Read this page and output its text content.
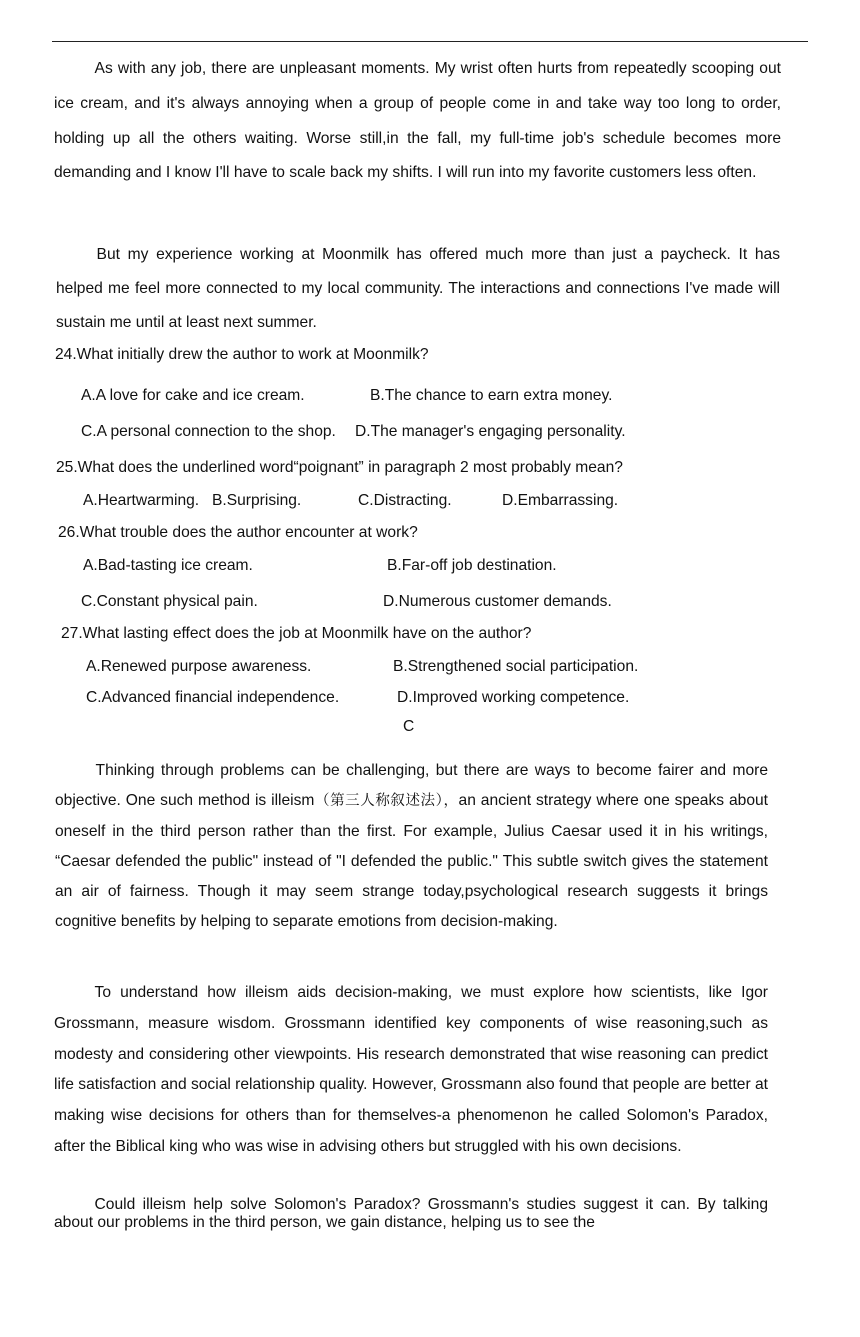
As with any job, there are unpleasant moments. My wrist often hurts from repeatedly scooping out ice cream, and it's always annoying when a group of people come in and take way too long to order, holding up all the others waiting. Worse still,in the fall, my full-time job's schedule becomes more demanding and I know I'll have to scale back my shifts. I will run into my favorite customers less often.

But my experience working at Moonmilk has offered much more than just a paycheck. It has helped me feel more connected to my local community. The interactions and connections I've made will sustain me until at least next summer.

24.What initially drew the author to work at Moonmilk?
A.A love for cake and ice cream.	B.The chance to earn extra money.
C.A personal connection to the shop. D.The manager's engaging personality.
25.What does the underlined word“poignant” in paragraph 2 most probably mean?
A.Heartwarming. B.Surprising.	C.Distracting.	D.Embarrassing.
26.What trouble does the author encounter at work?
A.Bad-tasting ice cream.	B.Far-off job destination.
C.Constant physical pain.	D.Numerous customer demands.
27.What lasting effect does the job at Moonmilk have on the author?
A.Renewed purpose awareness.	B.Strengthened social participation.
C.Advanced financial independence.	D.Improved working competence.
C

Thinking through problems can be challenging, but there are ways to become fairer and more objective. One such method is illeism（第三人称叙述法），an ancient strategy where one speaks about oneself in the third person rather than the first. For example, Julius Caesar used it in his writings, “Caesar defended the public" instead of "I defended the public." This subtle switch gives the statement an air of fairness. Though it may seem strange today,psychological research suggests it brings cognitive benefits by helping to separate emotions from decision-making.

To understand how illeism aids decision-making, we must explore how scientists, like Igor Grossmann, measure wisdom. Grossmann identified key components of wise reasoning,such as modesty and considering other viewpoints. His research demonstrated that wise reasoning can predict life satisfaction and social relationship quality. However, Grossmann also found that people are better at making wise decisions for others than for themselves-a phenomenon he called Solomon's Paradox, after the Biblical king who was wise in advising others but struggled with his own decisions.

Could illeism help solve Solomon's Paradox? Grossmann's studies suggest it can. By talking about our problems in the third person, we gain distance, helping us to see the
